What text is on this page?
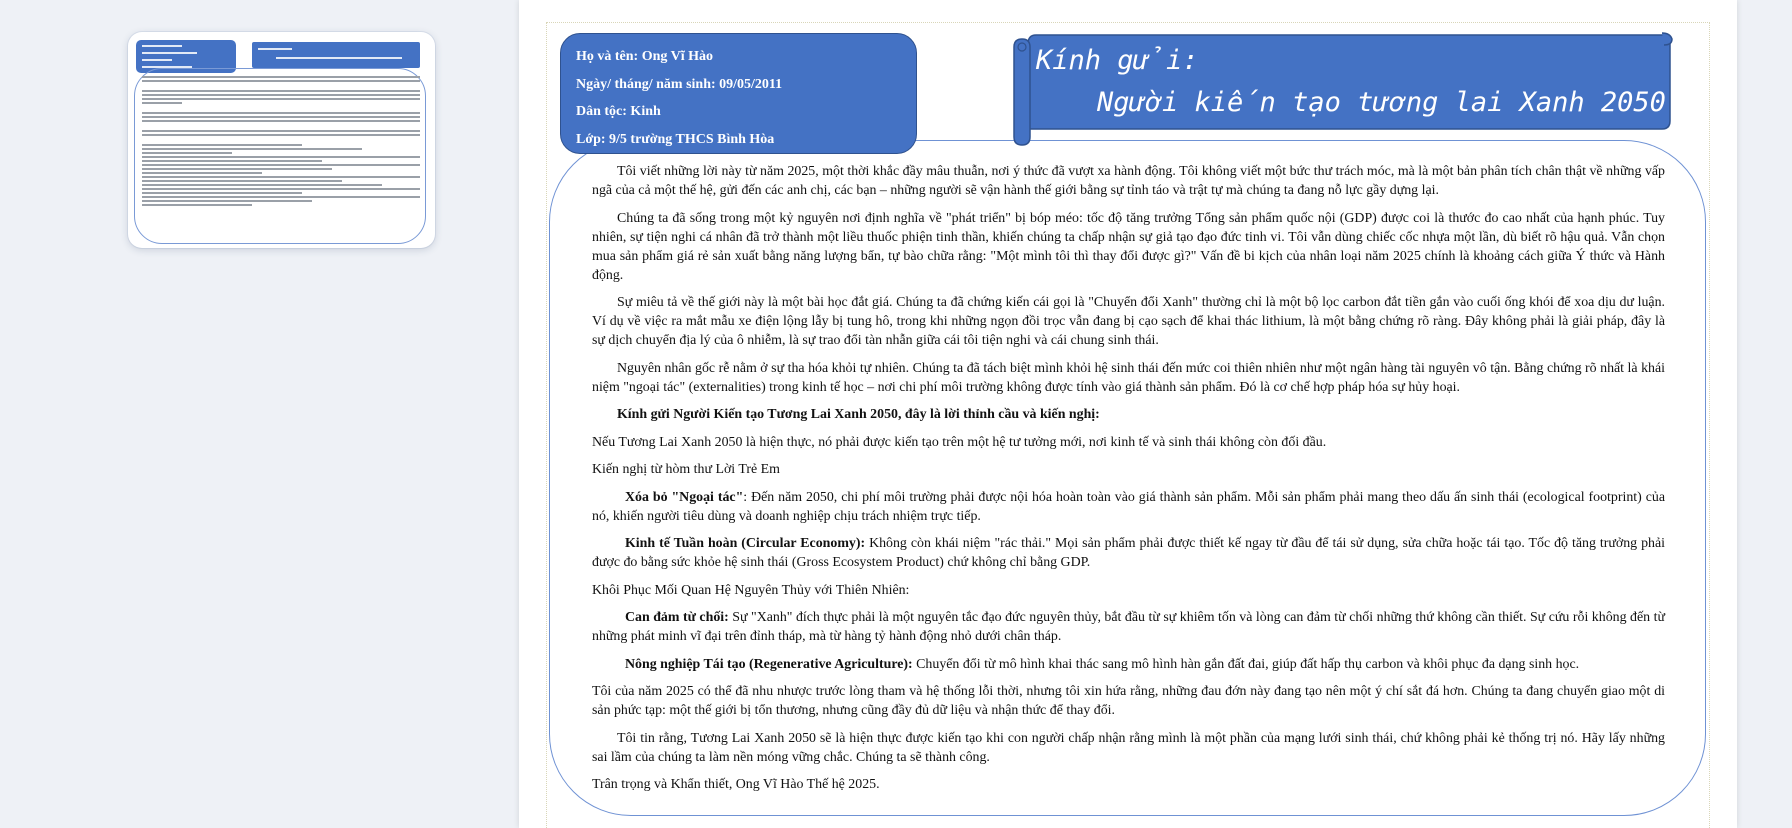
Họ và tên: Ong Vĩ Hào
Ngày/ tháng/ năm sinh: 09/05/2011
Dân tộc: Kinh
Lớp: 9/5 trường THCS Bình Hòa
Kính gửi:
Người kiến tạo tương lai Xanh 2050

Tôi viết những lời này từ năm 2025, một thời khắc đầy mâu thuẫn, nơi ý thức đã vượt xa hành động. Tôi không viết một bức thư trách móc, mà là một bản phân tích chân thật về những vấp ngã của cả một thế hệ, gửi đến các anh chị, các bạn – những người sẽ vận hành thế giới bằng sự tỉnh táo và trật tự mà chúng ta đang nỗ lực gầy dựng lại.

Chúng ta đã sống trong một kỷ nguyên nơi định nghĩa về "phát triển" bị bóp méo: tốc độ tăng trưởng Tổng sản phẩm quốc nội (GDP) được coi là thước đo cao nhất của hạnh phúc. Tuy nhiên, sự tiện nghi cá nhân đã trở thành một liều thuốc phiện tinh thần, khiến chúng ta chấp nhận sự giả tạo đạo đức tinh vi. Tôi vẫn dùng chiếc cốc nhựa một lần, dù biết rõ hậu quả. Vẫn chọn mua sản phẩm giá rẻ sản xuất bằng năng lượng bẩn, tự bào chữa rằng: "Một mình tôi thì thay đổi được gì?" Vấn đề bi kịch của nhân loại năm 2025 chính là khoảng cách giữa Ý thức và Hành động.

Sự miêu tả về thế giới này là một bài học đắt giá. Chúng ta đã chứng kiến cái gọi là "Chuyển đổi Xanh" thường chỉ là một bộ lọc carbon đắt tiền gắn vào cuối ống khói để xoa dịu dư luận. Ví dụ về việc ra mắt mẫu xe điện lộng lẫy bị tung hô, trong khi những ngọn đồi trọc vẫn đang bị cạo sạch để khai thác lithium, là một bằng chứng rõ ràng. Đây không phải là giải pháp, đây là sự dịch chuyển địa lý của ô nhiễm, là sự trao đổi tàn nhẫn giữa cái tôi tiện nghi và cái chung sinh thái.

Nguyên nhân gốc rễ nằm ở sự tha hóa khỏi tự nhiên. Chúng ta đã tách biệt mình khỏi hệ sinh thái đến mức coi thiên nhiên như một ngân hàng tài nguyên vô tận. Bằng chứng rõ nhất là khái niệm "ngoại tác" (externalities) trong kinh tế học – nơi chi phí môi trường không được tính vào giá thành sản phẩm. Đó là cơ chế hợp pháp hóa sự hủy hoại.

Kính gửi Người Kiến tạo Tương Lai Xanh 2050, đây là lời thỉnh cầu và kiến nghị:

Nếu Tương Lai Xanh 2050 là hiện thực, nó phải được kiến tạo trên một hệ tư tưởng mới, nơi kinh tế và sinh thái không còn đối đầu.

Kiến nghị từ hòm thư Lời Trẻ Em

Xóa bỏ "Ngoại tác": Đến năm 2050, chi phí môi trường phải được nội hóa hoàn toàn vào giá thành sản phẩm. Mỗi sản phẩm phải mang theo dấu ấn sinh thái (ecological footprint) của nó, khiến người tiêu dùng và doanh nghiệp chịu trách nhiệm trực tiếp.

Kinh tế Tuần hoàn (Circular Economy): Không còn khái niệm "rác thải." Mọi sản phẩm phải được thiết kế ngay từ đầu để tái sử dụng, sửa chữa hoặc tái tạo. Tốc độ tăng trưởng phải được đo bằng sức khỏe hệ sinh thái (Gross Ecosystem Product) chứ không chỉ bằng GDP.

Khôi Phục Mối Quan Hệ Nguyên Thủy với Thiên Nhiên:

Can đảm từ chối: Sự "Xanh" đích thực phải là một nguyên tắc đạo đức nguyên thủy, bắt đầu từ sự khiêm tốn và lòng can đảm từ chối những thứ không cần thiết. Sự cứu rỗi không đến từ những phát minh vĩ đại trên đỉnh tháp, mà từ hàng tỷ hành động nhỏ dưới chân tháp.

Nông nghiệp Tái tạo (Regenerative Agriculture): Chuyển đổi từ mô hình khai thác sang mô hình hàn gắn đất đai, giúp đất hấp thụ carbon và khôi phục đa dạng sinh học.

Tôi của năm 2025 có thể đã nhu nhược trước lòng tham và hệ thống lỗi thời, nhưng tôi xin hứa rằng, những đau đớn này đang tạo nên một ý chí sắt đá hơn. Chúng ta đang chuyển giao một di sản phức tạp: một thế giới bị tổn thương, nhưng cũng đầy đủ dữ liệu và nhận thức để thay đổi.

Tôi tin rằng, Tương Lai Xanh 2050 sẽ là hiện thực được kiến tạo khi con người chấp nhận rằng mình là một phần của mạng lưới sinh thái, chứ không phải kẻ thống trị nó. Hãy lấy những sai lầm của chúng ta làm nền móng vững chắc. Chúng ta sẽ thành công.

Trân trọng và Khẩn thiết, Ong Vĩ Hào Thế hệ 2025.
